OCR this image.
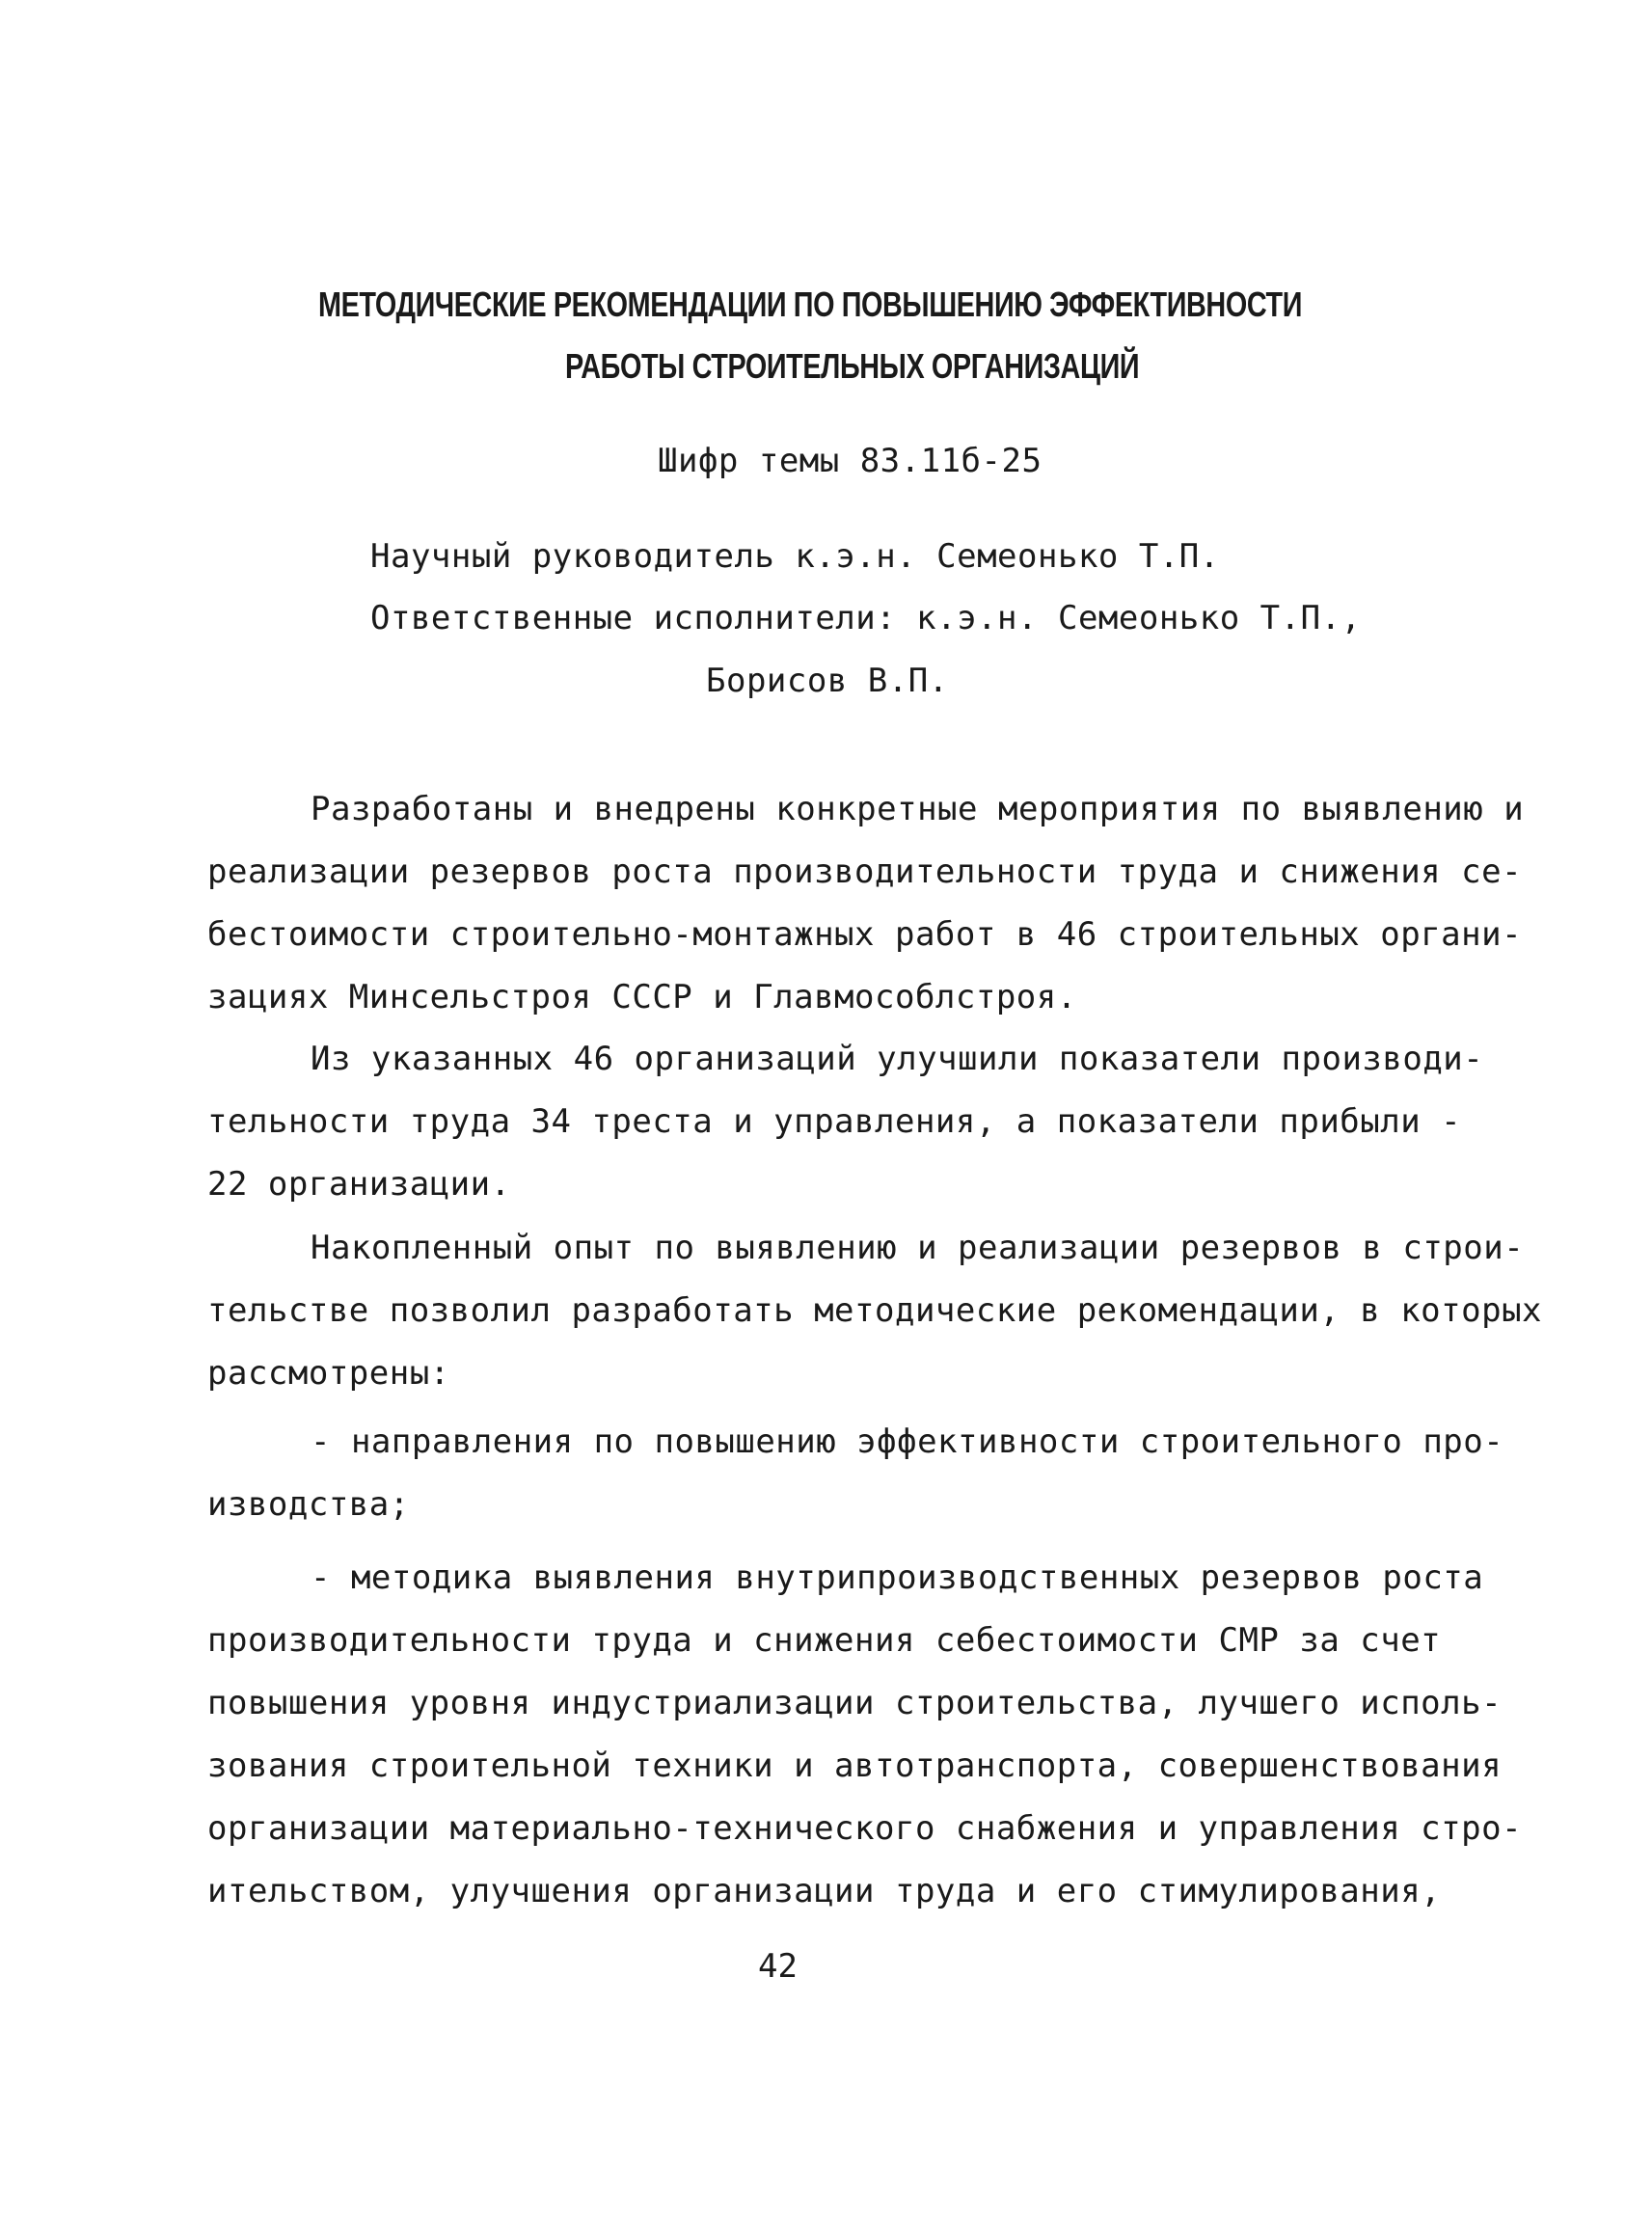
МЕТОДИЧЕСКИЕ РЕКОМЕНДАЦИИ ПО ПОВЫШЕНИЮ ЭФФЕКТИВНОСТИ
РАБОТЫ СТРОИТЕЛЬНЫХ ОРГАНИЗАЦИЙ
Шифр темы 83.11б-25
Научный руководитель к.э.н. Семеонько Т.П.
Ответственные исполнители: к.э.н. Семеонько Т.П.,
Борисов В.П.
Разработаны и внедрены конкретные мероприятия по выявлению и
реализации резервов роста производительности труда и снижения се-
бестоимости строительно-монтажных работ в 46 строительных органи-
зациях Минсельстроя СССР и Главмособлстроя.
Из указанных 46 организаций улучшили показатели производи-
тельности труда 34 треста и управления, а показатели прибыли -
22 организации.
Накопленный опыт по выявлению и реализации резервов в строи-
тельстве позволил разработать методические рекомендации, в которых
рассмотрены:
- направления по повышению эффективности строительного про-
изводства;
- методика выявления внутрипроизводственных резервов роста
производительности труда и снижения себестоимости СМР за счет
повышения уровня индустриализации строительства, лучшего исполь-
зования строительной техники и автотранспорта, совершенствования
организации материально-технического снабжения и управления стро-
ительством, улучшения организации труда и его стимулирования,
42
